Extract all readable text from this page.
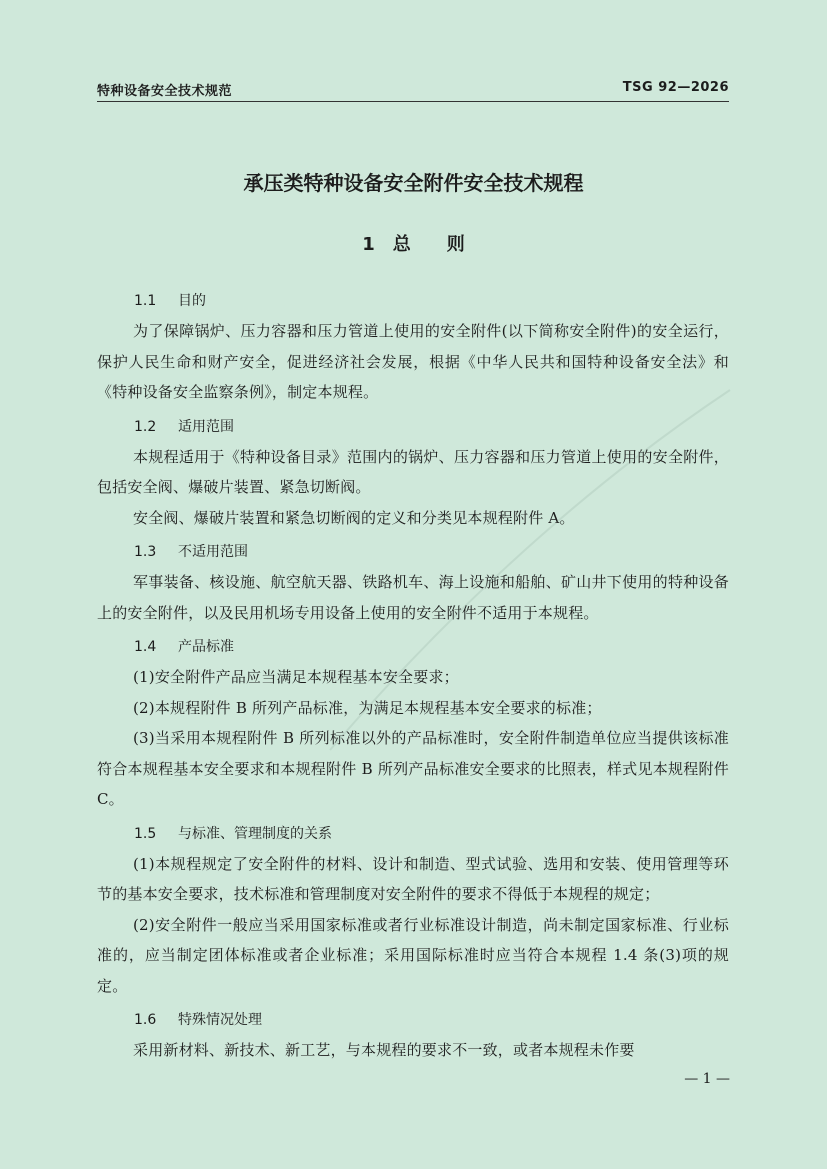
特种设备安全技术规范	TSG 92—2026
承压类特种设备安全附件安全技术规程
1 总 则
1.1 目的
为了保障锅炉、压力容器和压力管道上使用的安全附件(以下简称安全附件)的安全运行，保护人民生命和财产安全，促进经济社会发展，根据《中华人民共和国特种设备安全法》和《特种设备安全监察条例》，制定本规程。
1.2 适用范围
本规程适用于《特种设备目录》范围内的锅炉、压力容器和压力管道上使用的安全附件，包括安全阀、爆破片装置、紧急切断阀。
安全阀、爆破片装置和紧急切断阀的定义和分类见本规程附件 A。
1.3 不适用范围
军事装备、核设施、航空航天器、铁路机车、海上设施和船舶、矿山井下使用的特种设备上的安全附件，以及民用机场专用设备上使用的安全附件不适用于本规程。
1.4 产品标准
(1)安全附件产品应当满足本规程基本安全要求；
(2)本规程附件 B 所列产品标准，为满足本规程基本安全要求的标准；
(3)当采用本规程附件 B 所列标准以外的产品标准时，安全附件制造单位应当提供该标准符合本规程基本安全要求和本规程附件 B 所列产品标准安全要求的比照表，样式见本规程附件 C。
1.5 与标准、管理制度的关系
(1)本规程规定了安全附件的材料、设计和制造、型式试验、选用和安装、使用管理等环节的基本安全要求，技术标准和管理制度对安全附件的要求不得低于本规程的规定；
(2)安全附件一般应当采用国家标准或者行业标准设计制造，尚未制定国家标准、行业标准的，应当制定团体标准或者企业标准；采用国际标准时应当符合本规程 1.4 条(3)项的规定。
1.6 特殊情况处理
采用新材料、新技术、新工艺，与本规程的要求不一致，或者本规程未作要
— 1 —
